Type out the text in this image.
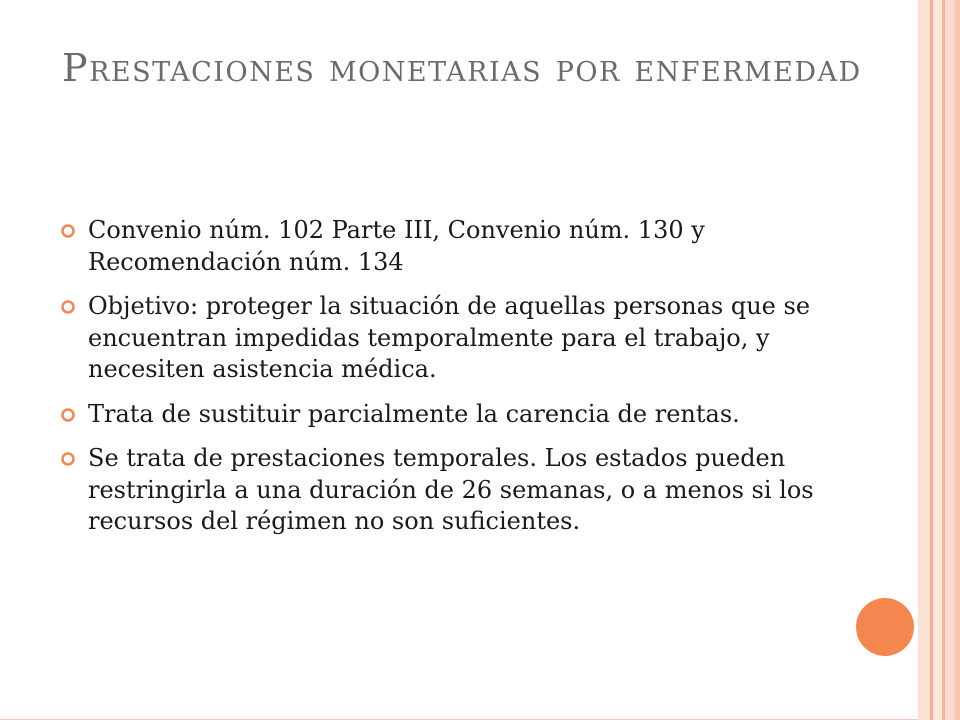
Prestaciones monetarias por enfermedad
Convenio núm. 102 Parte III, Convenio núm. 130 y Recomendación núm. 134
Objetivo: proteger la situación de aquellas personas que se encuentran impedidas temporalmente para el trabajo, y necesiten asistencia médica.
Trata de sustituir parcialmente la carencia de rentas.
Se trata de prestaciones temporales. Los estados pueden restringirla a una duración de 26 semanas, o a menos si los recursos del régimen no son suficientes.
